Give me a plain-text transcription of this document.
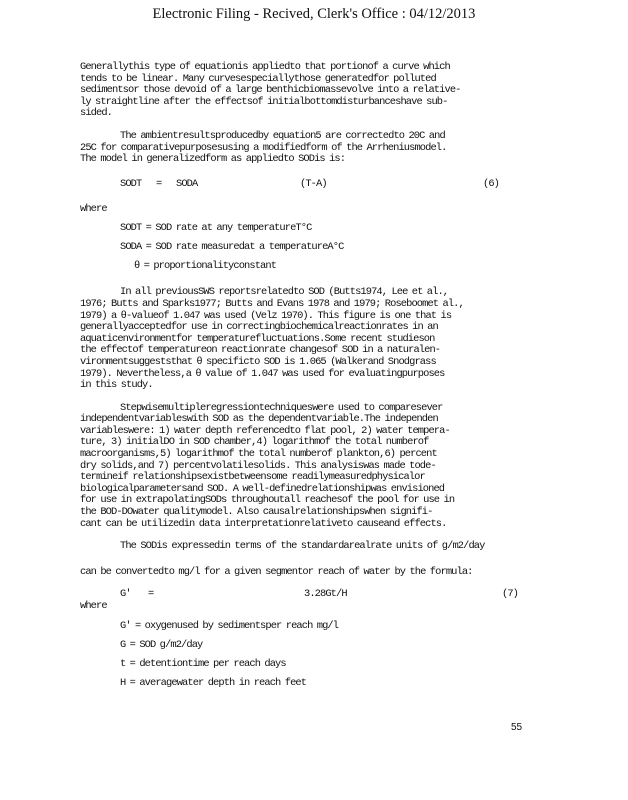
Electronic Filing - Recived, Clerk's Office : 04/12/2013

Generallythis type of equationis appliedto that portionof a curve which

tends to be linear. Many curvesespeciallythose generatedfor polluted

sedimentsor those devoid of a large benthicbiomassevolve into a relative-

ly straightline after the effectsof initialbottomdisturbanceshave sub-

sided.

The ambientresultsproducedby equation5 are correctedto 20C and

25C for comparativepurposesusing a modifiedform of the Arrheniusmodel.

The model in generalizedform as appliedto SODis is:

SODT = SODA	(T-A)	(6)

where

SODT = SOD rate at any temperatureT°C

SODA = SOD rate measuredat a temperatureA°C

θ = proportionalityconstant

In all previousSWS reportsrelatedto SOD (Butts1974, Lee et al.,

1976; Butts and Sparks1977; Butts and Evans 1978 and 1979; Roseboomet al.,

1979) a θ-valueof 1.047 was used (Velz 1970). This figure is one that is

generallyacceptedfor use in correctingbiochemicalreactionrates in an

aquaticenvironmentfor temperaturefluctuations.Some recent studieson

the effectof temperatureon reactionrate changesof SOD in a naturalen-

vironmentsuggeststhat θ specificto SOD is 1.065 (Walkerand Snodgrass

1979). Nevertheless,a θ value of 1.047 was used for evaluatingpurposes

in this study.

Stepwisemultipleregressiontechniqueswere used to comparesever

independentvariableswith SOD as the dependentvariable.The independen

variableswere: 1) water depth referencedto flat pool, 2) water tempera-

ture, 3) initialDO in SOD chamber,4) logarithmof the total numberof

macroorganisms,5) logarithmof the total numberof plankton,6) percent

dry solids,and 7) percentvolatilesolids. This analysiswas made tode-

termineif relationshipsexistbetweensome readilymeasuredphysicalor

biologicalparametersand SOD. A well-definedrelationshipwas envisioned

for use in extrapolatingSODs throughoutall reachesof the pool for use in

the BOD-DOwater qualitymodel. Also causalrelationshipswhen signifi-

cant can be utilizedin data interpretationrelativeto causeand effects.

The SODis expressedin terms of the standardarealrate units of g/m2/day

can be convertedto mg/l for a given segmentor reach of water by the formula:

G' =	3.28Gt/H	(7)

where

G' = oxygenused by sedimentsper reach mg/l

G = SOD g/m2/day

t = detentiontime per reach days

H = averagewater depth in reach feet

55
